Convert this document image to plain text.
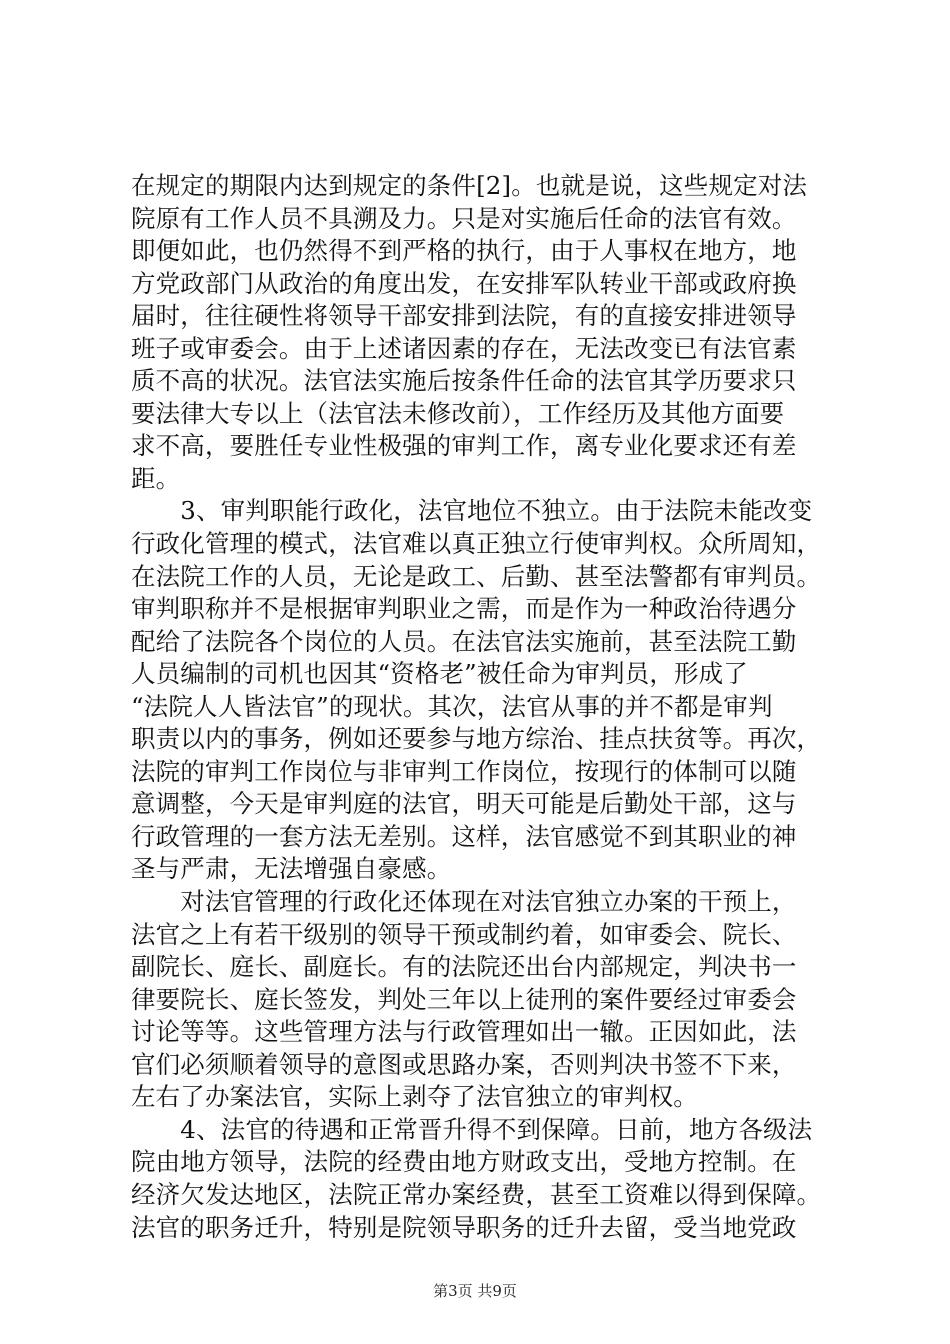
在规定的期限内达到规定的条件[2]。也就是说，这些规定对法
院原有工作人员不具溯及力。只是对实施后任命的法官有效。
即便如此，也仍然得不到严格的执行，由于人事权在地方，地
方党政部门从政治的角度出发，在安排军队转业干部或政府换
届时，往往硬性将领导干部安排到法院，有的直接安排进领导
班子或审委会。由于上述诸因素的存在，无法改变已有法官素
质不高的状况。法官法实施后按条件任命的法官其学历要求只
要法律大专以上（法官法未修改前），工作经历及其他方面要
求不高，要胜任专业性极强的审判工作，离专业化要求还有差
距。
　　3、审判职能行政化，法官地位不独立。由于法院未能改变
行政化管理的模式，法官难以真正独立行使审判权。众所周知，
在法院工作的人员，无论是政工、后勤、甚至法警都有审判员。
审判职称并不是根据审判职业之需，而是作为一种政治待遇分
配给了法院各个岗位的人员。在法官法实施前，甚至法院工勤
人员编制的司机也因其“资格老”被任命为审判员，形成了
“法院人人皆法官”的现状。其次，法官从事的并不都是审判
职责以内的事务，例如还要参与地方综治、挂点扶贫等。再次，
法院的审判工作岗位与非审判工作岗位，按现行的体制可以随
意调整，今天是审判庭的法官，明天可能是后勤处干部，这与
行政管理的一套方法无差别。这样，法官感觉不到其职业的神
圣与严肃，无法增强自豪感。
　　对法官管理的行政化还体现在对法官独立办案的干预上，
法官之上有若干级别的领导干预或制约着，如审委会、院长、
副院长、庭长、副庭长。有的法院还出台内部规定，判决书一
律要院长、庭长签发，判处三年以上徒刑的案件要经过审委会
讨论等等。这些管理方法与行政管理如出一辙。正因如此，法
官们必须顺着领导的意图或思路办案，否则判决书签不下来，
左右了办案法官，实际上剥夺了法官独立的审判权。
　　4、法官的待遇和正常晋升得不到保障。日前，地方各级法
院由地方领导，法院的经费由地方财政支出，受地方控制。在
经济欠发达地区，法院正常办案经费，甚至工资难以得到保障。
法官的职务迁升，特别是院领导职务的迁升去留，受当地党政
第3页 共9页
